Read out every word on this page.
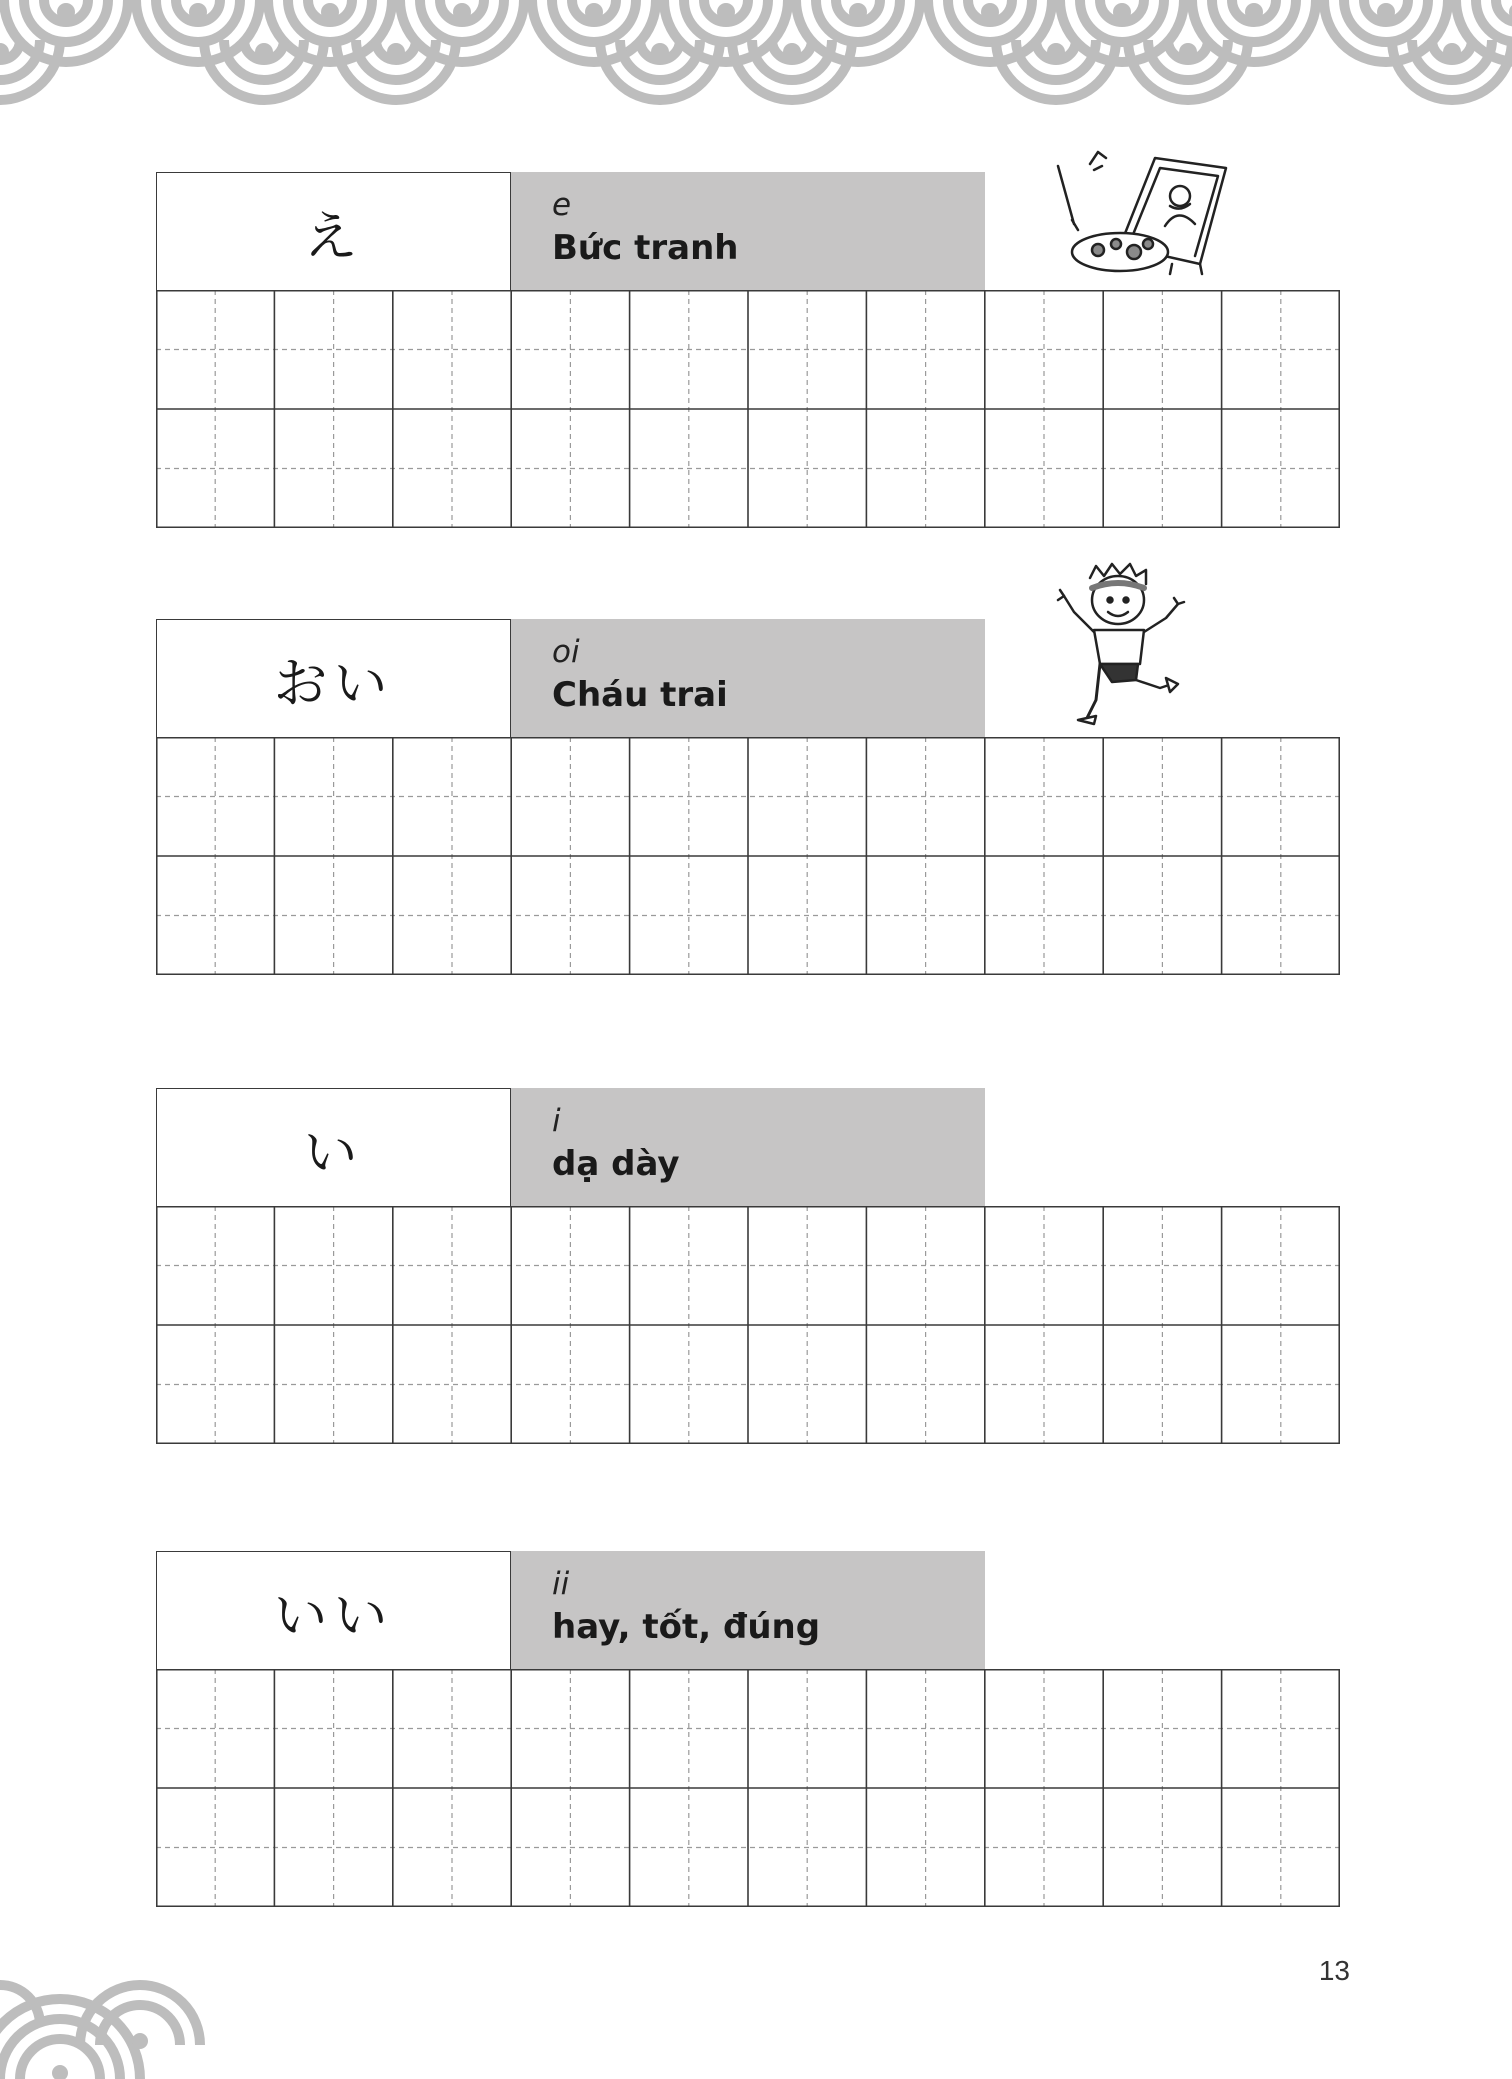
え	e
Bức tranh
おい	oi
Cháu trai
い	i
dạ dày
いい	ii
hay, tốt, đúng
13
